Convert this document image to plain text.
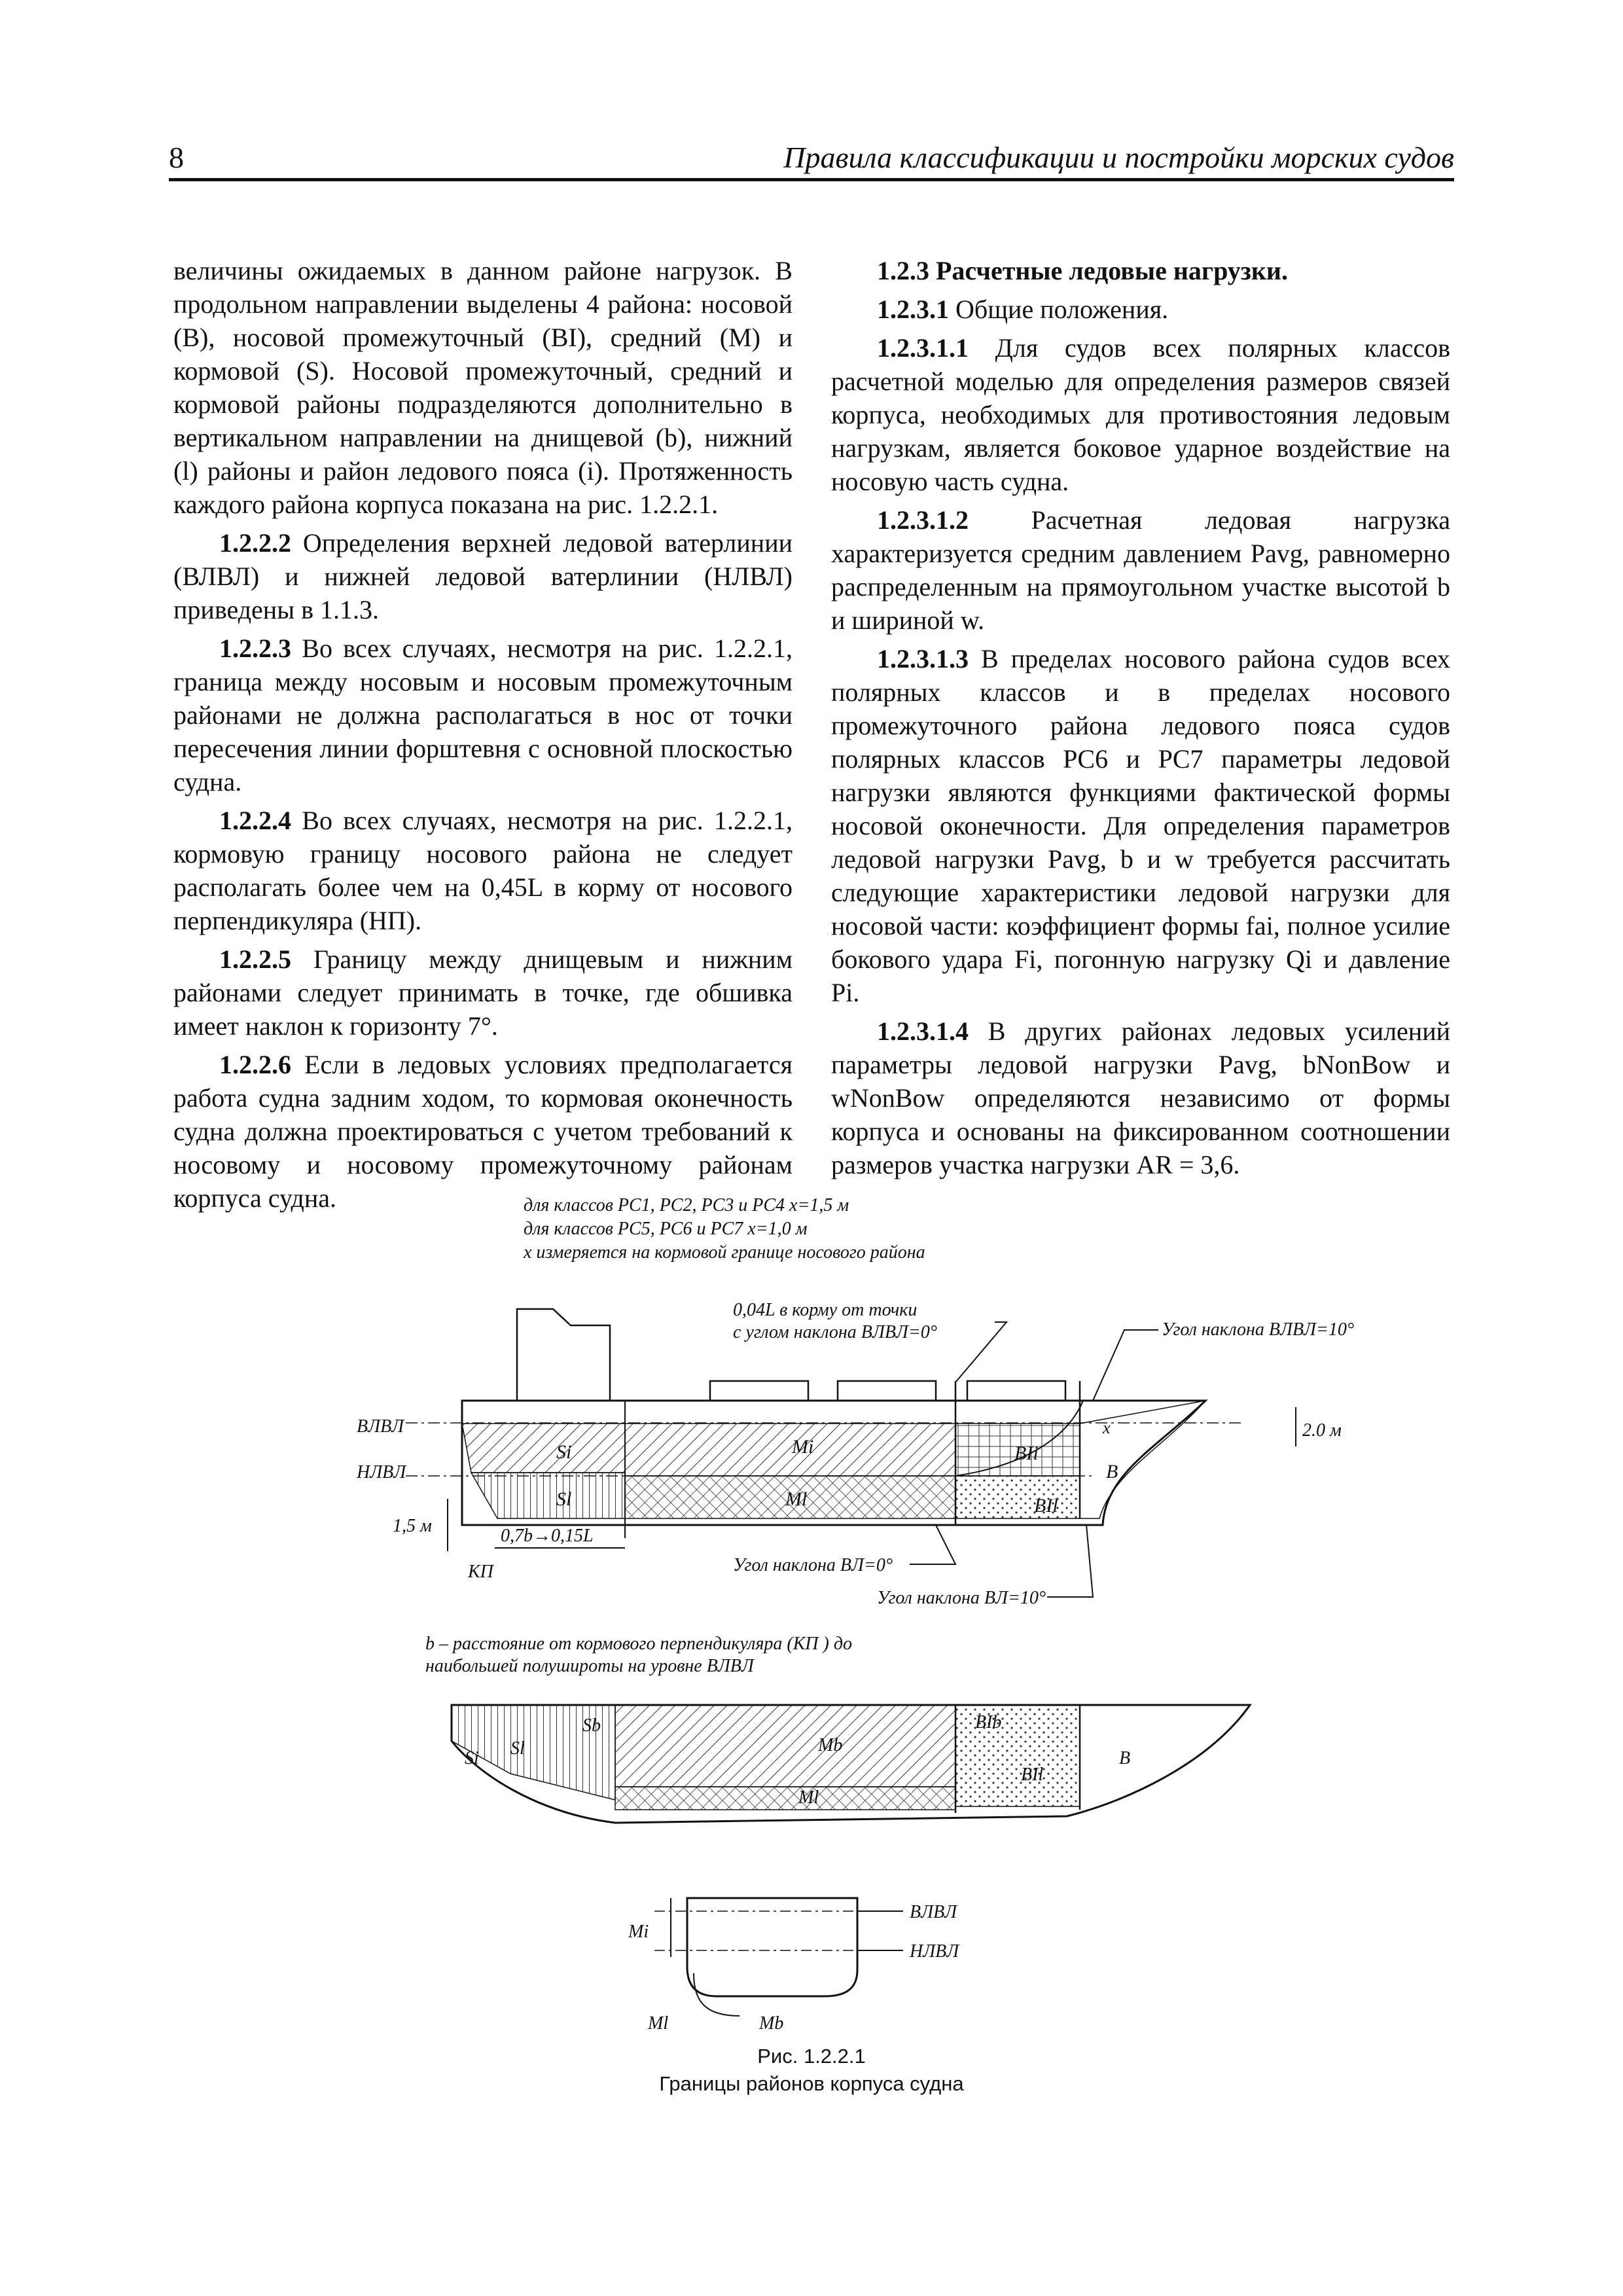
8	Правила классификации и постройки морских судов

величины ожидаемых в данном районе нагрузок. В продольном направлении выделены 4 района: носовой (B), носовой промежуточный (BI), средний (M) и кормовой (S). Носовой промежуточный, средний и кормовой районы подразделяются дополнительно в вертикальном направлении на днищевой (b), нижний (l) районы и район ледового пояса (i). Протяженность каждого района корпуса показана на рис. 1.2.2.1.

1.2.2.2 Определения верхней ледовой ватерлинии (ВЛВЛ) и нижней ледовой ватерлинии (НЛВЛ) приведены в 1.1.3.

1.2.2.3 Во всех случаях, несмотря на рис. 1.2.2.1, граница между носовым и носовым промежуточным районами не должна располагаться в нос от точки пересечения линии форштевня с основной плоскостью судна.

1.2.2.4 Во всех случаях, несмотря на рис. 1.2.2.1, кормовую границу носового района не следует располагать более чем на 0,45L в корму от носового перпендикуляра (НП).

1.2.2.5 Границу между днищевым и нижним районами следует принимать в точке, где обшивка имеет наклон к горизонту 7°.

1.2.2.6 Если в ледовых условиях предполагается работа судна задним ходом, то кормовая оконечность судна должна проектироваться с учетом требований к носовому и носовому промежуточному районам корпуса судна.

1.2.3 Расчетные ледовые нагрузки.

1.2.3.1 Общие положения.

1.2.3.1.1 Для судов всех полярных классов расчетной моделью для определения размеров связей корпуса, необходимых для противостояния ледовым нагрузкам, является боковое ударное воздействие на носовую часть судна.

1.2.3.1.2 Расчетная ледовая нагрузка характеризуется средним давлением Pavg, равномерно распределенным на прямоугольном участке высотой b и шириной w.

1.2.3.1.3 В пределах носового района судов всех полярных классов и в пределах носового промежуточного района ледового пояса судов полярных классов PC6 и PC7 параметры ледовой нагрузки являются функциями фактической формы носовой оконечности. Для определения параметров ледовой нагрузки Pavg, b и w требуется рассчитать следующие характеристики ледовой нагрузки для носовой части: коэффициент формы fai, полное усилие бокового удара Fi, погонную нагрузку Qi и давление Pi.

1.2.3.1.4 В других районах ледовых усилений параметры ледовой нагрузки Pavg, bNonBow и wNonBow определяются независимо от формы корпуса и основаны на фиксированном соотношении размеров участка нагрузки AR = 3,6.

для классов PC1, PC2, PC3 и PC4 x=1,5 м
для классов PC5, PC6 и PC7 x=1,0 м
x измеряется на кормовой границе носового района
0,04L в корму от точки
с углом наклона ВЛВЛ=0°	Угол наклона ВЛВЛ=10°
ВЛВЛ
НЛВЛ
1,5 м
2.0 м
x
Si
Sl
Mi
Ml
BIi
BIl
B
0,7b→0,15L
КП	Угол наклона ВЛ=0°
Угол наклона ВЛ=10°
b – расстояние от кормового перпендикуляра (КП ) до
наибольшей полуширoты на уровне ВЛВЛ
Sl
Si
Sb
Mb
Ml
BIb
BIl
B
ВЛВЛ
НЛВЛ
Mi
Ml	Mb
Рис. 1.2.2.1
Границы районов корпуса судна
